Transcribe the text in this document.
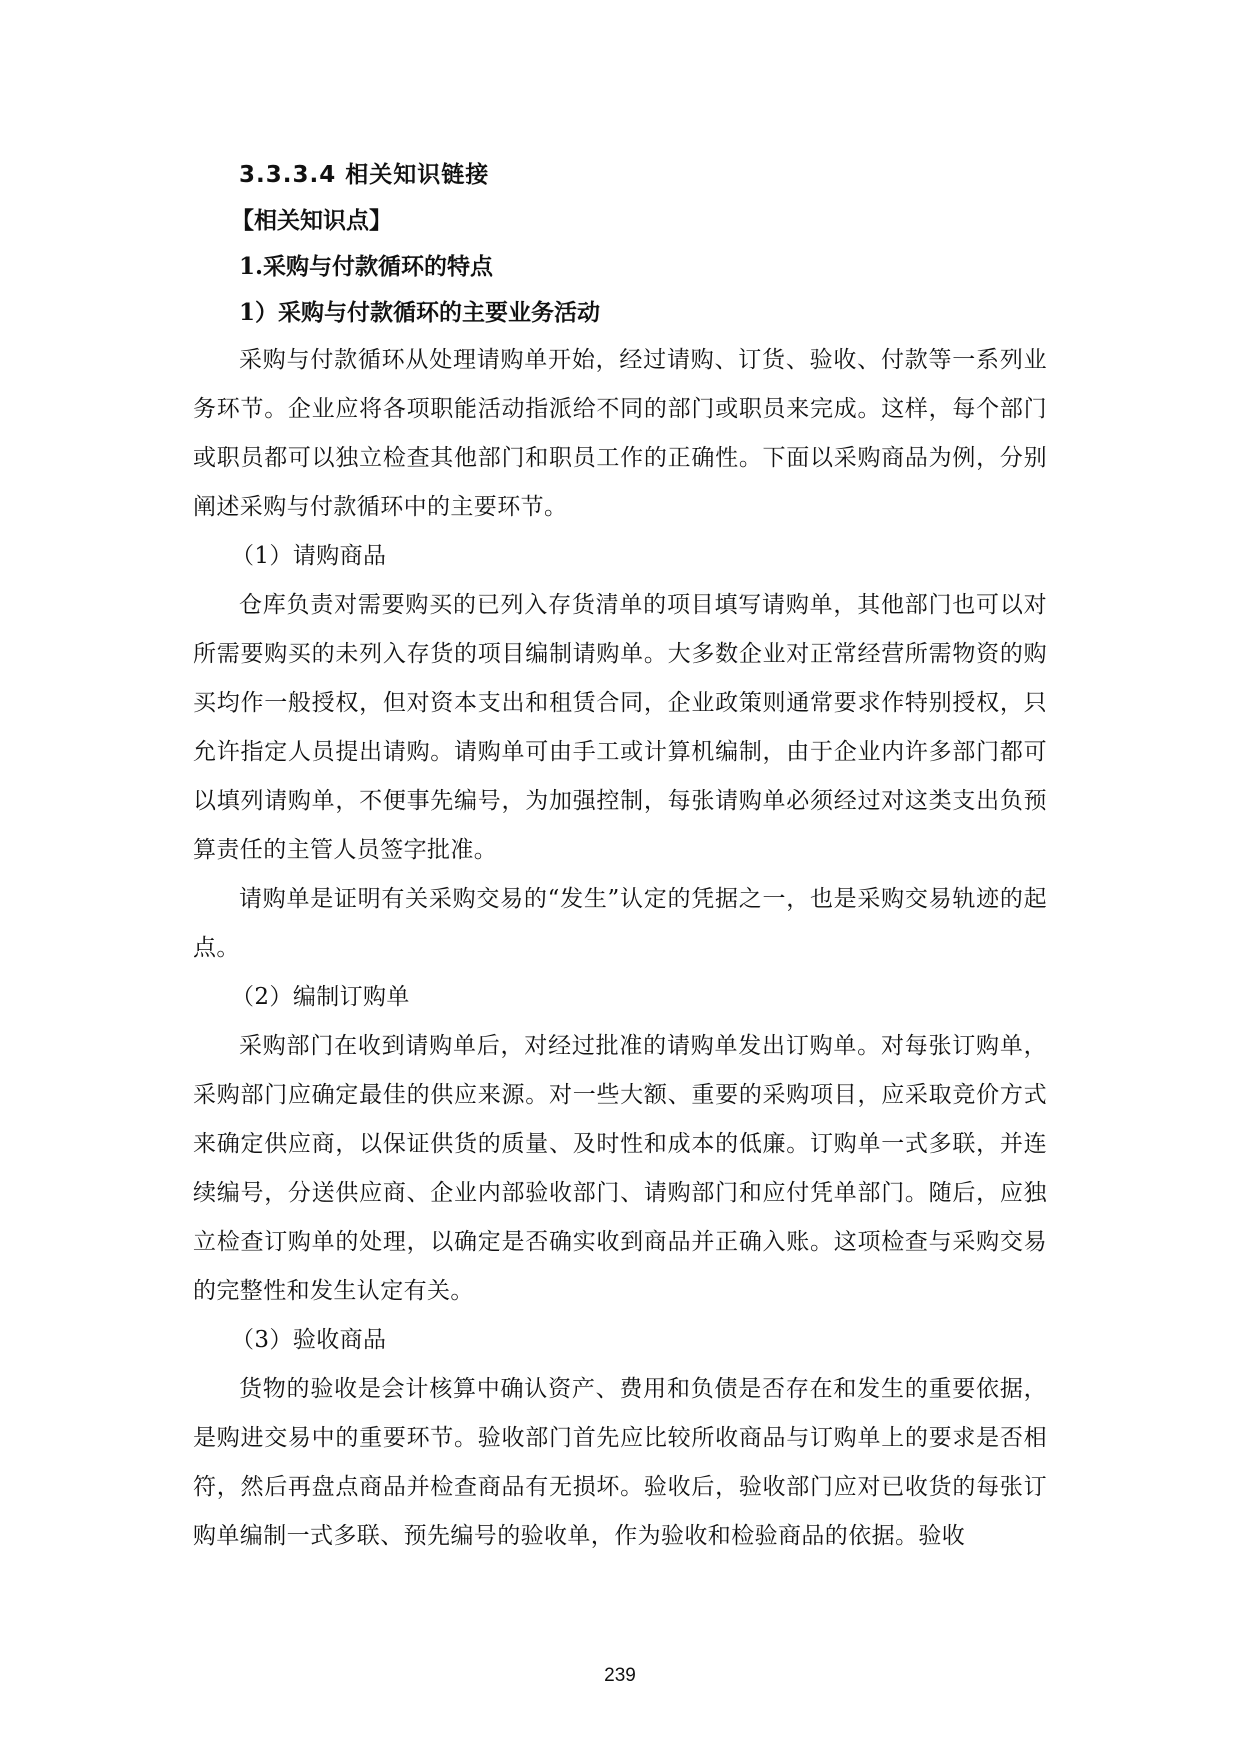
3.3.3.4 相关知识链接

【相关知识点】

1.采购与付款循环的特点

1）采购与付款循环的主要业务活动

采购与付款循环从处理请购单开始，经过请购、订货、验收、付款等一系列业务环节。企业应将各项职能活动指派给不同的部门或职员来完成。这样，每个部门或职员都可以独立检查其他部门和职员工作的正确性。下面以采购商品为例，分别阐述采购与付款循环中的主要环节。

（1）请购商品

仓库负责对需要购买的已列入存货清单的项目填写请购单，其他部门也可以对所需要购买的未列入存货的项目编制请购单。大多数企业对正常经营所需物资的购买均作一般授权，但对资本支出和租赁合同，企业政策则通常要求作特别授权，只允许指定人员提出请购。请购单可由手工或计算机编制，由于企业内许多部门都可以填列请购单，不便事先编号，为加强控制，每张请购单必须经过对这类支出负预算责任的主管人员签字批准。

请购单是证明有关采购交易的“发生”认定的凭据之一，也是采购交易轨迹的起点。

（2）编制订购单

采购部门在收到请购单后，对经过批准的请购单发出订购单。对每张订购单，采购部门应确定最佳的供应来源。对一些大额、重要的采购项目，应采取竞价方式来确定供应商，以保证供货的质量、及时性和成本的低廉。订购单一式多联，并连续编号，分送供应商、企业内部验收部门、请购部门和应付凭单部门。随后，应独立检查订购单的处理，以确定是否确实收到商品并正确入账。这项检查与采购交易的完整性和发生认定有关。

（3）验收商品

货物的验收是会计核算中确认资产、费用和负债是否存在和发生的重要依据，是购进交易中的重要环节。验收部门首先应比较所收商品与订购单上的要求是否相符，然后再盘点商品并检查商品有无损坏。验收后，验收部门应对已收货的每张订购单编制一式多联、预先编号的验收单，作为验收和检验商品的依据。验收

239
